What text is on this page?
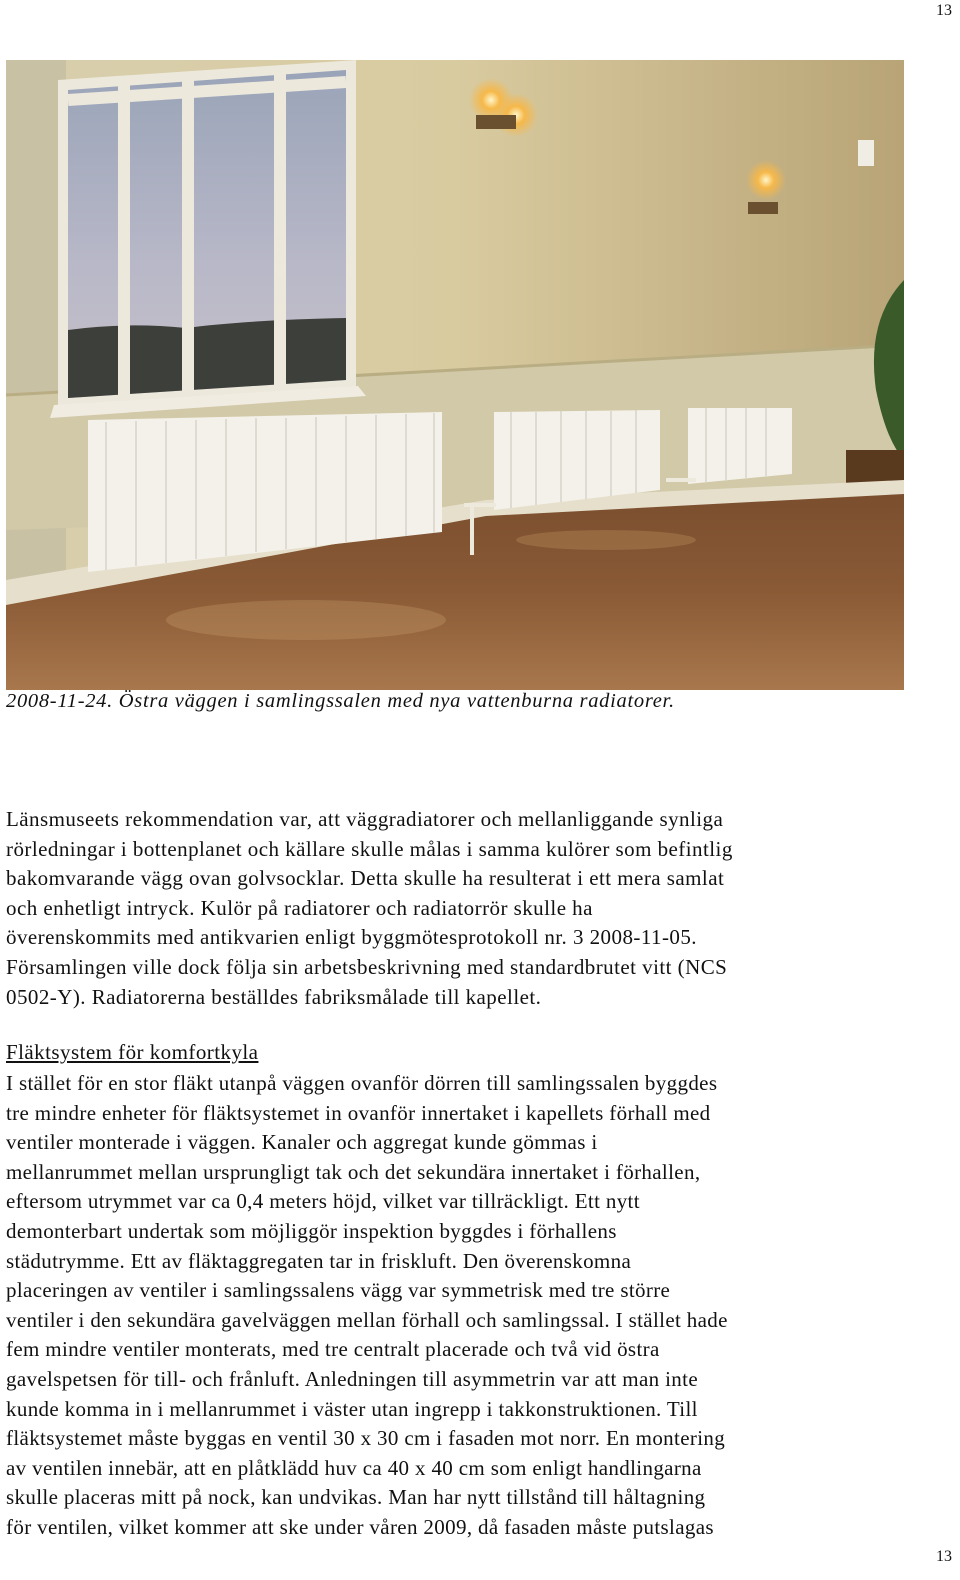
13
2008-11-24. Östra väggen i samlingssalen med nya vattenburna radiatorer.
Länsmuseets rekommendation var, att väggradiatorer och mellanliggande synliga
rörledningar i bottenplanet och källare skulle målas i samma kulörer som befintlig
bakomvarande vägg ovan golvsocklar. Detta skulle ha resulterat i ett mera samlat
och enhetligt intryck. Kulör på radiatorer och radiatorrör skulle ha
överenskommits med antikvarien enligt byggmötesprotokoll nr. 3 2008-11-05.
Församlingen ville dock följa sin arbetsbeskrivning med standardbrutet vitt (NCS
0502-Y). Radiatorerna beställdes fabriksmålade till kapellet.
Fläktsystem för komfortkyla
I stället för en stor fläkt utanpå väggen ovanför dörren till samlingssalen byggdes
tre mindre enheter för fläktsystemet in ovanför innertaket i kapellets förhall med
ventiler monterade i väggen. Kanaler och aggregat kunde gömmas i
mellanrummet mellan ursprungligt tak och det sekundära innertaket i förhallen,
eftersom utrymmet var ca 0,4 meters höjd, vilket var tillräckligt. Ett nytt
demonterbart undertak som möjliggör inspektion byggdes i förhallens
städutrymme. Ett av fläktaggregaten tar in friskluft. Den överenskomna
placeringen av ventiler i samlingssalens vägg var symmetrisk med tre större
ventiler i den sekundära gavelväggen mellan förhall och samlingssal. I stället hade
fem mindre ventiler monterats, med tre centralt placerade och två vid östra
gavelspetsen för till- och frånluft. Anledningen till asymmetrin var att man inte
kunde komma in i mellanrummet i väster utan ingrepp i takkonstruktionen. Till
fläktsystemet måste byggas en ventil 30 x 30 cm i fasaden mot norr. En montering
av ventilen innebär, att en plåtklädd huv ca 40 x 40 cm som enligt handlingarna
skulle placeras mitt på nock, kan undvikas. Man har nytt tillstånd till håltagning
för ventilen, vilket kommer att ske under våren 2009, då fasaden måste putslagas
13
